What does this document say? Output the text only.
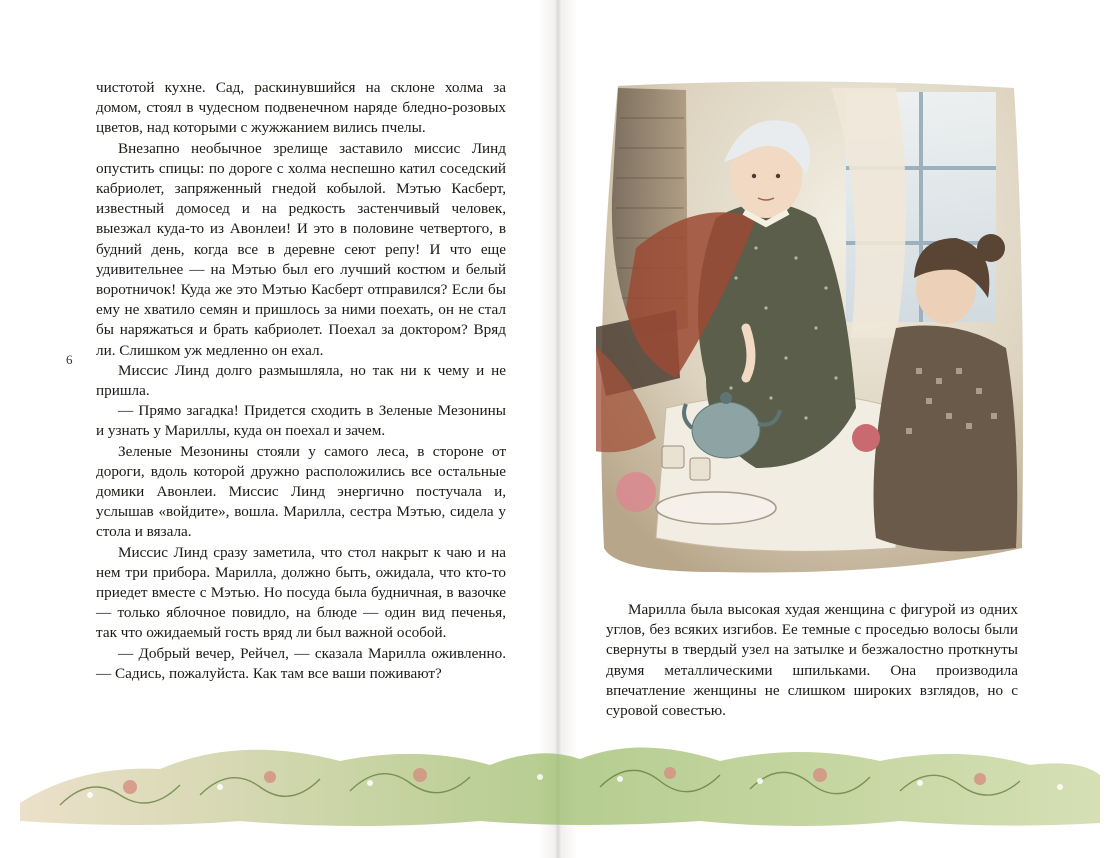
6

чистотой кухне. Сад, раскинувшийся на склоне холма за домом, стоял в чудесном подвенечном наряде бледно-розовых цветов, над которыми с жужжанием вились пчелы.

Внезапно необычное зрелище заставило миссис Линд опустить спицы: по дороге с холма неспешно катил соседский кабриолет, запряженный гнедой кобылой. Мэтью Касберт, известный домосед и на редкость застенчивый человек, выезжал куда-то из Авонлеи! И это в половине четвертого, в будний день, когда все в деревне сеют репу! И что еще удивительнее — на Мэтью был его лучший костюм и белый воротничок! Куда же это Мэтью Касберт отправился? Если бы ему не хватило семян и пришлось за ними поехать, он не стал бы наряжаться и брать кабриолет. Поехал за доктором? Вряд ли. Слишком уж медленно он ехал.

Миссис Линд долго размышляла, но так ни к чему и не пришла.

— Прямо загадка! Придется сходить в Зеленые Мезонины и узнать у Мариллы, куда он поехал и зачем.

Зеленые Мезонины стояли у самого леса, в стороне от дороги, вдоль которой дружно расположились все остальные домики Авонлеи. Миссис Линд энергично постучала и, услышав «войдите», вошла. Марилла, сестра Мэтью, сидела у стола и вязала.

Миссис Линд сразу заметила, что стол накрыт к чаю и на нем три прибора. Марилла, должно быть, ожидала, что кто-то приедет вместе с Мэтью. Но посуда была будничная, в вазочке — только яблочное повидло, на блюде — один вид печенья, так что ожидаемый гость вряд ли был важной особой.

— Добрый вечер, Рейчел, — сказала Марилла оживленно. — Садись, пожалуйста. Как там все ваши поживают?

Марилла была высокая худая женщина с фигурой из одних углов, без всяких изгибов. Ее темные с проседью волосы были свернуты в твердый узел на затылке и безжалостно проткнуты двумя металлическими шпильками. Она производила впечатление женщины не слишком широких взглядов, но с суровой совестью.
